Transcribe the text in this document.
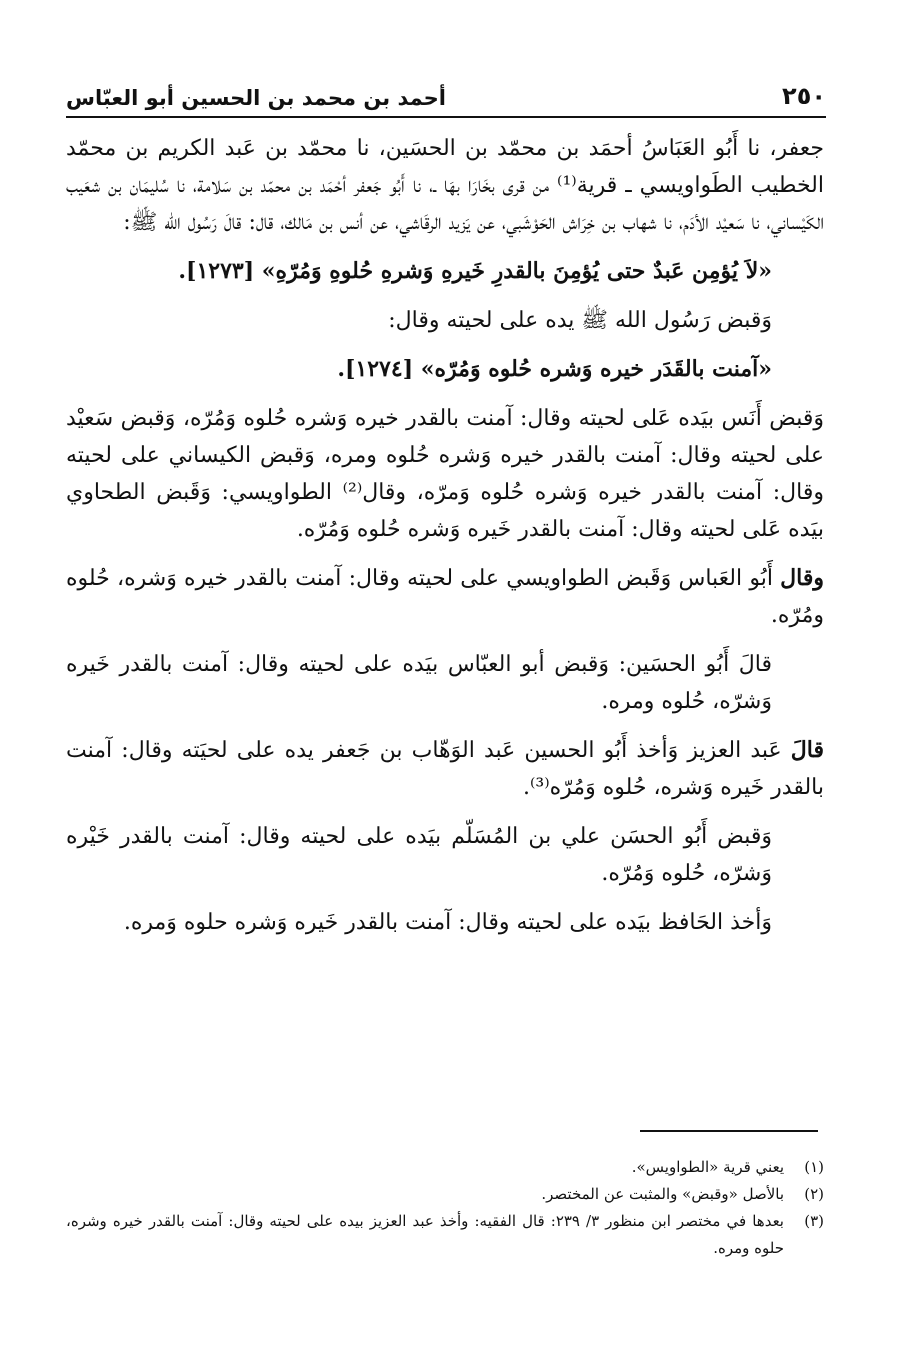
٢٥٠
أحمد بن محمد بن الحسين أبو العبّاس

جعفر، نا أَبُو العَبَاسُ أحمَد بن محمّد بن الحسَين، نا محمّد بن عَبد الكريم بن محمّد الخطيب الطَواويسي ـ قرية⁽¹⁾ من قرى بخَارَا بهَا ـ، نا أَبُو جَعفر أحْمَد بن محمّد بن سَلامة، نا سُليمَان بن شعَيب الكَيْساني، نا سَعيْد الأدَم، نا شهاب بن خِرَاش الحَوْشَبي، عن يَزيد الرقَاشي، عن أنس بن مَالك، قال: قالَ رَسُول الله ﷺ:

«لاَ يُؤمِن عَبدٌ حتى يُؤمِنَ بالقدرِ خَيرهِ وَشرهِ حُلوهِ وَمُرّهِ» [١٢٧٣].

وَقبض رَسُول الله ﷺ يده على لحيته وقال:

«آمنت بالقَدَر خيره وَشره حُلوه وَمُرّه» [١٢٧٤].

وَقبض أَنَس بيَده عَلى لحيته وقال: آمنت بالقدر خيره وَشره حُلوه وَمُرّه، وَقبض سَعيْد على لحيته وقال: آمنت بالقدر خيره وَشره حُلوه ومره، وَقبض الكيساني على لحيته وقال: آمنت بالقدر خيره وَشره حُلوه وَمرّه، وقال⁽²⁾ الطواويسي: وَقَبض الطحاوي بيَده عَلى لحيته وقال: آمنت بالقدر خَيره وَشره حُلوه وَمُرّه.

وقال أَبُو العَباس وَقَبض الطواويسي على لحيته وقال: آمنت بالقدر خيره وَشره، حُلوه ومُرّه.

قالَ أَبُو الحسَين: وَقبض أبو العبّاس بيَده على لحيته وقال: آمنت بالقدر خَيره وَشرّه، حُلوه ومره.

قالَ عَبد العزيز وَأخذ أَبُو الحسين عَبد الوَهّاب بن جَعفر يده على لحيَته وقال: آمنت بالقدر خَيره وَشره، حُلوه وَمُرّه⁽³⁾.

وَقبض أَبُو الحسَن علي بن المُسَلّم بيَده على لحيته وقال: آمنت بالقدر خَيْره وَشرّه، حُلوه وَمُرّه.

وَأخذ الحَافظ بيَده على لحيته وقال: آمنت بالقدر خَيره وَشره حلوه وَمره.

(١)
يعني قرية «الطواويس».
(٢)
بالأصل «وقبض» والمثبت عن المختصر.
(٣)
بعدها في مختصر ابن منظور ٣/ ٢٣٩: قال الفقيه: وأخذ عبد العزيز بيده على لحيته وقال: آمنت بالقدر خيره وشره، حلوه ومره.
